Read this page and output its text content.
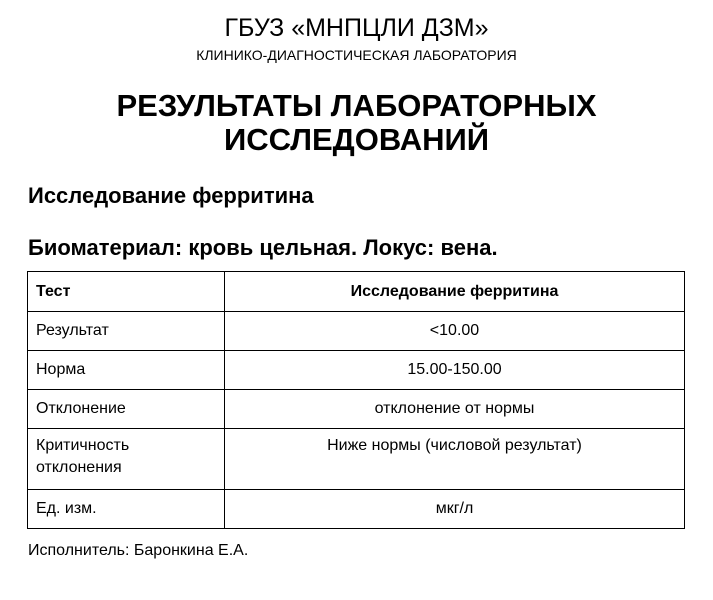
ГБУЗ «МНПЦЛИ ДЗМ»
КЛИНИКО-ДИАГНОСТИЧЕСКАЯ ЛАБОРАТОРИЯ
РЕЗУЛЬТАТЫ ЛАБОРАТОРНЫХ
ИССЛЕДОВАНИЙ
Исследование ферритина
Биоматериал: кровь цельная. Локус: вена.
Тест	Исследование ферритина
Результат	<10.00
Норма	15.00-150.00
Отклонение	отклонение от нормы

Критичность
отклонения	Ниже нормы (числовой результат)
Ед. изм.	мкг/л
Исполнитель: Баронкина Е.А.
